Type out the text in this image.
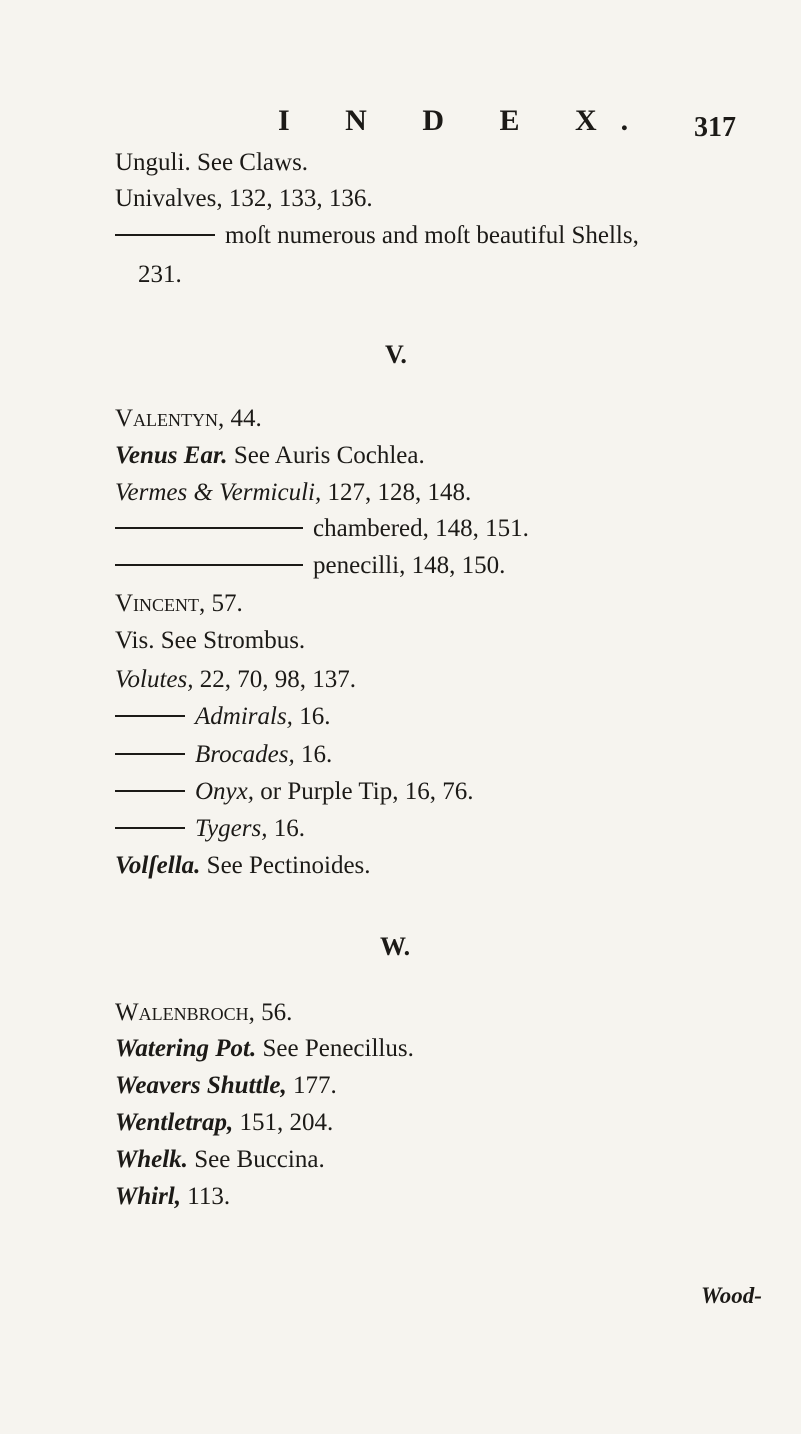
I N D E X. 317
Unguli. See Claws.
Univalves, 132, 133, 136.
moſt numerous and moſt beautiful Shells,
231.
V.
Valentyn, 44.
Venus Ear. See Auris Cochlea.
Vermes & Vermiculi, 127, 128, 148.
chambered, 148, 151.
penecilli, 148, 150.
Vincent, 57.
Vis. See Strombus.
Volutes, 22, 70, 98, 137.
Admirals, 16.
Brocades, 16.
Onyx, or Purple Tip, 16, 76.
Tygers, 16.
Volſella. See Pectinoides.
W.
Walenbroch, 56.
Watering Pot. See Penecillus.
Weavers Shuttle, 177.
Wentletrap, 151, 204.
Whelk. See Buccina.
Whirl, 113.
Wood-
